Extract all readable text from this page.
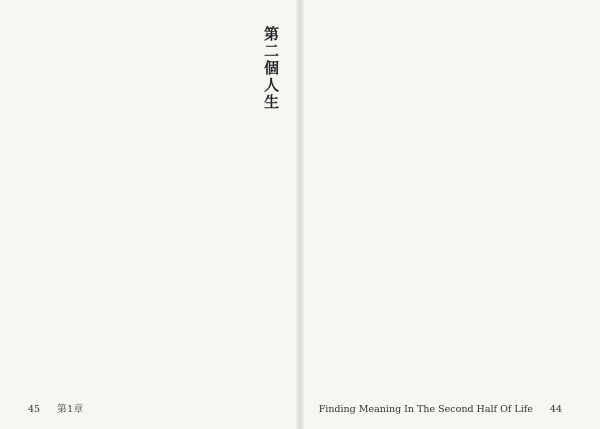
第二個人生
45 第1章	Finding Meaning In The Second Half Of Life 44
